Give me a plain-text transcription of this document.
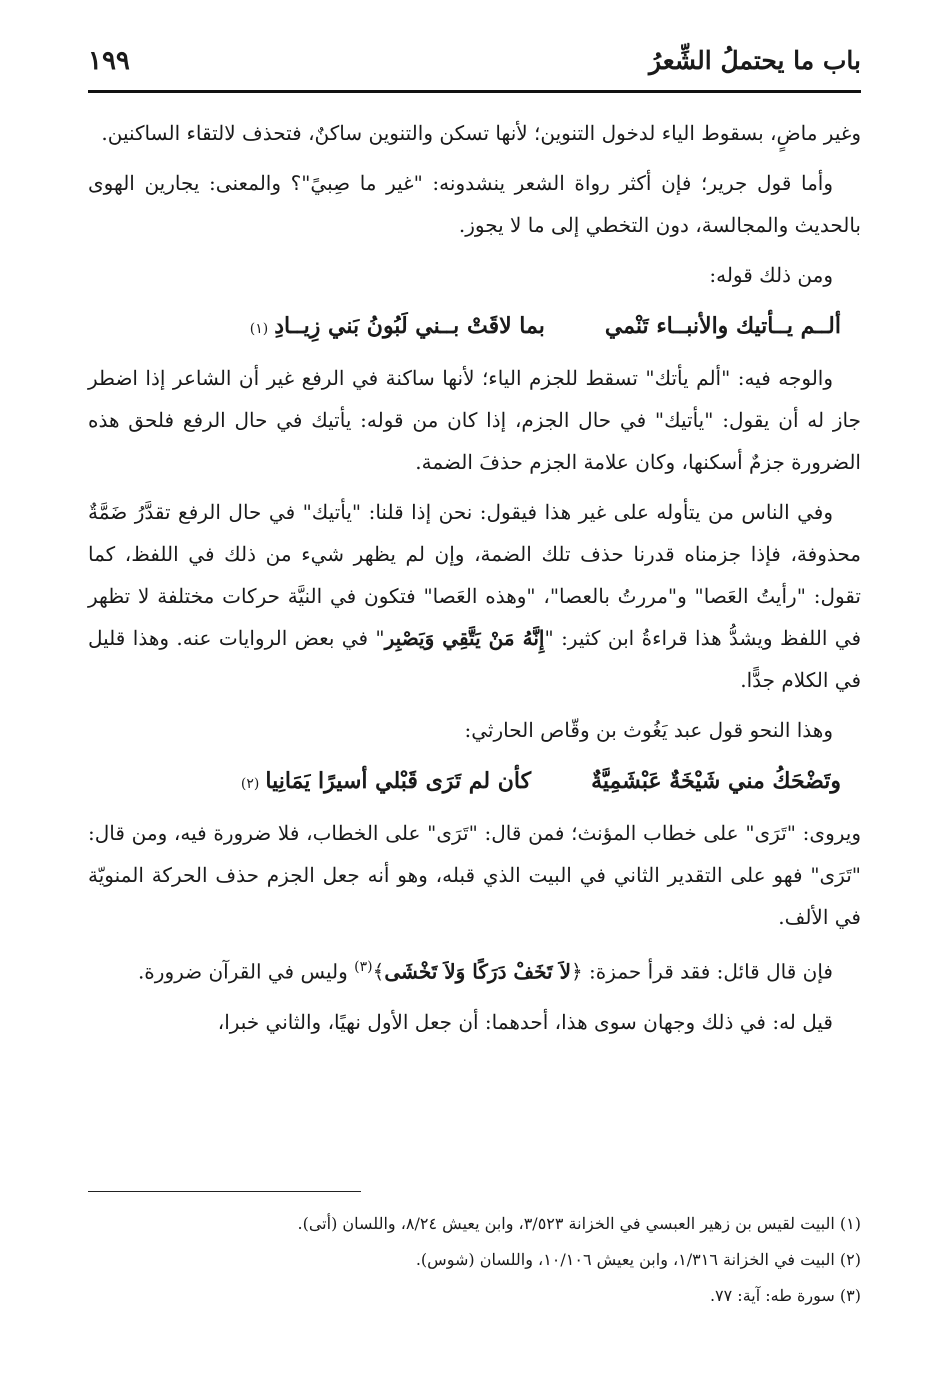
باب ما يحتملُ الشِّعرُ
١٩٩

وغير ماضٍ، بسقوط الياء لدخول التنوين؛ لأنها تسكن والتنوين ساكنٌ، فتحذف لالتقاء الساكنين.

وأما قول جرير؛ فإن أكثر رواة الشعر ينشدونه: "غير ما صِبيً"؟ والمعنى: يجارين الهوى بالحديث والمجالسة، دون التخطي إلى ما لا يجوز.

ومن ذلك قوله:

ألــم يــأتيك والأنبــاء تَنْمي
بما لاقَتْ بــني لَبُونُ بَني زِيــادِ
(١)

والوجه فيه: "ألم يأتك" تسقط للجزم الياء؛ لأنها ساكنة في الرفع غير أن الشاعر إذا اضطر جاز له أن يقول: "يأتيك" في حال الجزم، إذا كان من قوله: يأتيك في حال الرفع فلحق هذه الضرورة جزمٌ أسكنها، وكان علامة الجزم حذفَ الضمة.

وفي الناس من يتأوله على غير هذا فيقول: نحن إذا قلنا: "يأتيك" في حال الرفع تقدَّرُ ضَمَّةٌ محذوفة، فإذا جزمناه قدرنا حذف تلك الضمة، وإن لم يظهر شيء من ذلك في اللفظ، كما تقول: "رأيتُ العَصا" و"مررتُ بالعصا"، "وهذه العَصا" فتكون في النيَّة حركات مختلفة لا تظهر في اللفظ ويشدُّ هذا قراءةُ ابن كثير: "إِنَّهُ مَنْ يَتَّقِي وَيَصْبِر" في بعض الروايات عنه. وهذا قليل في الكلام جدًّا.

وهذا النحو قول عبد يَغُوث بن وقّاص الحارثي:

وتَضْحَكُ مني شَيْخَةٌ عَبْشَمِيَّةٌ
كأن لم تَرَى قَبْلي أسيرًا يَمَانِيا
(٢)

ويروى: "تَرَى" على خطاب المؤنث؛ فمن قال: "تَرَى" على الخطاب، فلا ضرورة فيه، ومن قال: "تَرَى" فهو على التقدير الثاني في البيت الذي قبله، وهو أنه جعل الجزم حذف الحركة المنويّة في الألف.

فإن قال قائل: فقد قرأ حمزة: ﴿لاَ تَخَفْ دَرَكًا وَلاَ تَخْشَى﴾$^{(٣)}$ وليس في القرآن ضرورة.

قيل له: في ذلك وجهان سوى هذا، أحدهما: أن جعل الأول نهيًا، والثاني خبرا،

(١) البيت لقيس بن زهير العبسي في الخزانة ٣/٥٢٣، وابن يعيش ٨/٢٤، واللسان (أتى).

(٢) البيت في الخزانة ١/٣١٦، وابن يعيش ١٠/١٠٦، واللسان (شوس).

(٣) سورة طه: آية: ٧٧.
